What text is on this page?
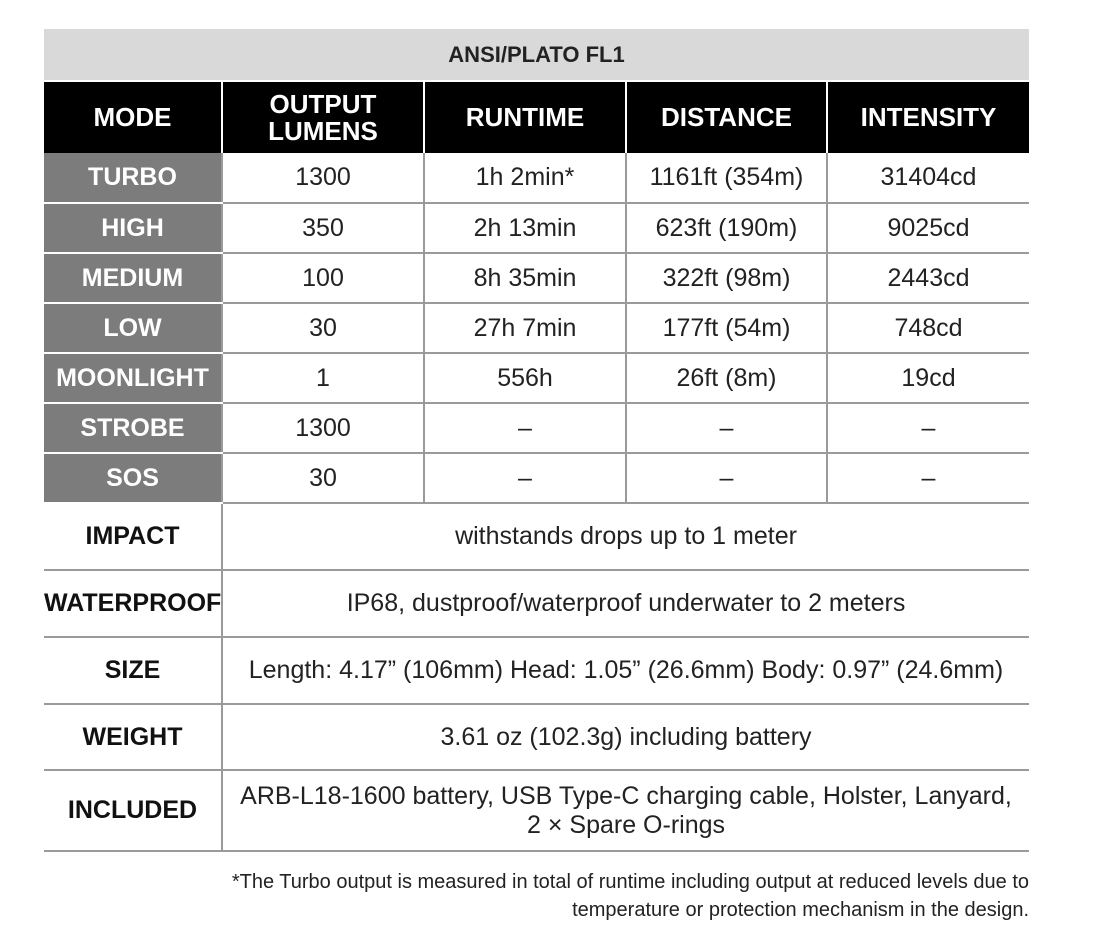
ANSI/PLATO FL1				
MODE	OUTPUT LUMENS	RUNTIME	DISTANCE	INTENSITY
TURBO	1300	1h 2min*	1161ft (354m)	31404cd
HIGH	350	2h 13min	623ft (190m)	9025cd
MEDIUM	100	8h 35min	322ft (98m)	2443cd
LOW	30	27h 7min	177ft (54m)	748cd
MOONLIGHT	1	556h	26ft (8m)	19cd
STROBE	1300	–	–	–
SOS	30	–	–	–
IMPACT	withstands drops up to 1 meter			
WATERPROOF	IP68, dustproof/waterproof underwater to 2 meters			
SIZE	Length: 4.17” (106mm) Head: 1.05” (26.6mm) Body: 0.97” (24.6mm)			
WEIGHT	3.61 oz (102.3g) including battery			
INCLUDED	ARB-L18-1600 battery, USB Type-C charging cable, Holster, Lanyard,
2 × Spare O-rings			
*The Turbo output is measured in total of runtime including output at reduced levels due to
temperature or protection mechanism in the design.
